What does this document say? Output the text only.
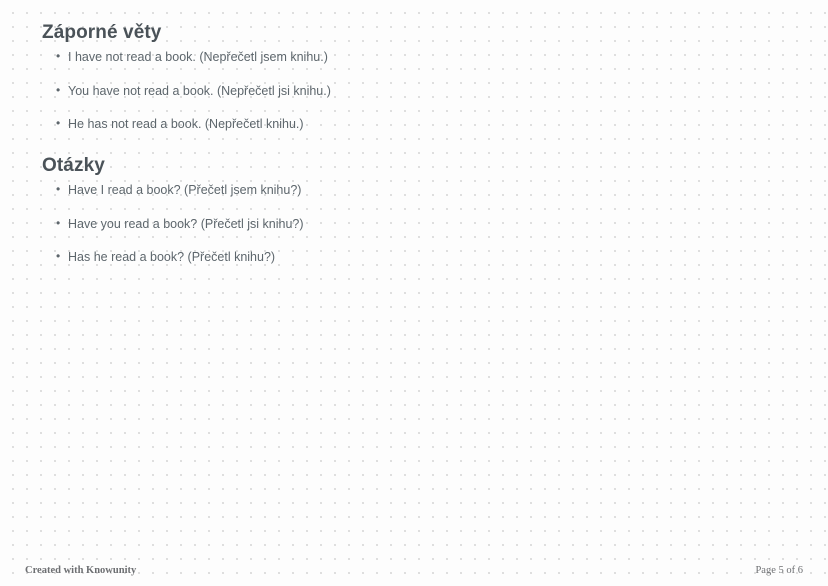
Záporné věty
• I have not read a book. (Nepřečetl jsem knihu.)
• You have not read a book. (Nepřečetl jsi knihu.)
• He has not read a book. (Nepřečetl knihu.)
Otázky
• Have I read a book? (Přečetl jsem knihu?)
• Have you read a book? (Přečetl jsi knihu?)
• Has he read a book? (Přečetl knihu?)
Created with Knowunity	Page 5 of 6
